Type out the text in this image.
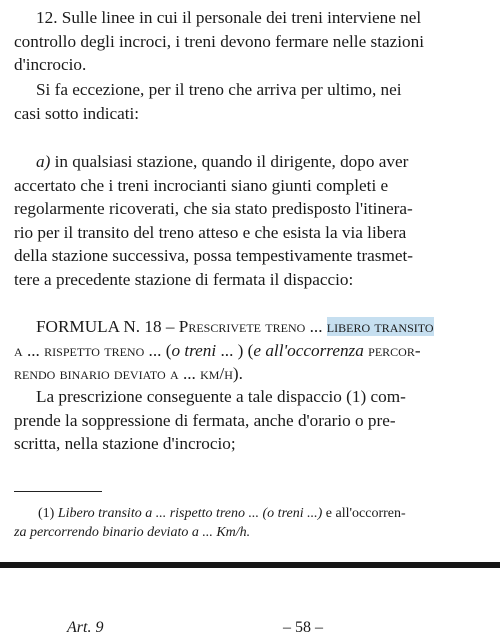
12. Sulle linee in cui il personale dei treni interviene nel
controllo degli incroci, i treni devono fermare nelle stazioni
d'incrocio.

Si fa eccezione, per il treno che arriva per ultimo, nei
casi sotto indicati:

a) in qualsiasi stazione, quando il dirigente, dopo aver
accertato che i treni incrocianti siano giunti completi e
regolarmente ricoverati, che sia stato predisposto l'itinera-
rio per il transito del treno atteso e che esista la via libera
della stazione successiva, possa tempestivamente trasmet-
tere a precedente stazione di fermata il dispaccio:

FORMULA N. 18 – Prescrivete treno ... libero transito
a ... rispetto treno ... (o treni ... ) (e all'occorrenza percor-
rendo binario deviato a ... km/h).

La prescrizione conseguente a tale dispaccio (1) com-
prende la soppressione di fermata, anche d'orario o pre-
scritta, nella stazione d'incrocio;

(1) Libero transito a ... rispetto treno ... (o treni ...) e all'occorren-
za percorrendo binario deviato a ... Km/h.

Art. 9	– 58 –
